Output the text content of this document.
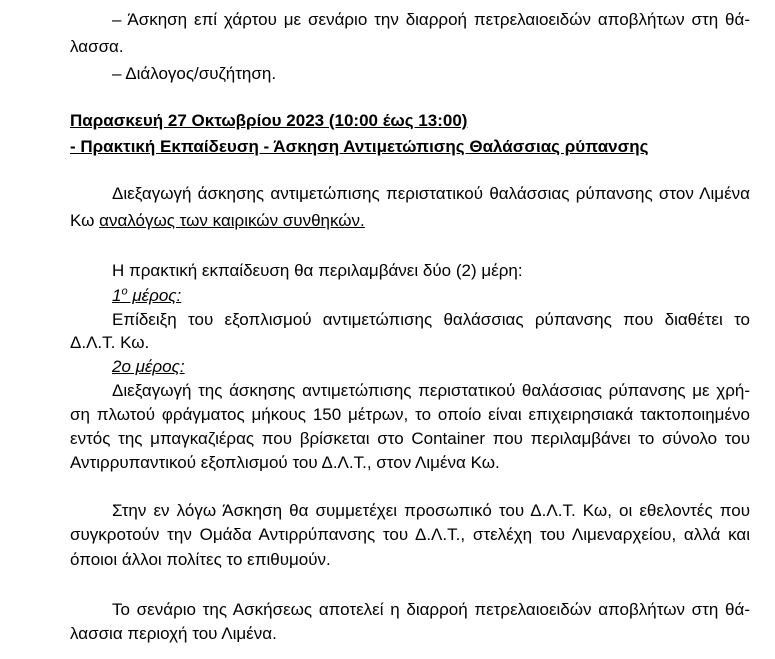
– Άσκηση επί χάρτου με σενάριο την διαρροή πετρελαιοειδών αποβλήτων στη θά-
λασσα.
– Διάλογος/συζήτηση.
Παρασκευή 27 Οκτωβρίου 2023 (10:00 έως 13:00)
- Πρακτική Εκπαίδευση - Άσκηση Αντιμετώπισης Θαλάσσιας ρύπανσης
Διεξαγωγή άσκησης αντιμετώπισης περιστατικού θαλάσσιας ρύπανσης στον Λιμένα
Κω αναλόγως των καιρικών συνθηκών.
Η πρακτική εκπαίδευση θα περιλαμβάνει δύο (2) μέρη:
$1^o$ μέρος:
Επίδειξη του εξοπλισμού αντιμετώπισης θαλάσσιας ρύπανσης που διαθέτει το
Δ.Λ.Τ. Κω.
2ο μέρος:
Διεξαγωγή της άσκησης αντιμετώπισης περιστατικού θαλάσσιας ρύπανσης με χρή-
ση πλωτού φράγματος μήκους 150 μέτρων, το οποίο είναι επιχειρησιακά τακτοποιημένο
εντός της μπαγκαζιέρας που βρίσκεται στο Container που περιλαμβάνει το σύνολο του
Αντιρρυπαντικού εξοπλισμού του Δ.Λ.Τ., στον Λιμένα Κω.
Στην εν λόγω Άσκηση θα συμμετέχει προσωπικό του Δ.Λ.Τ. Κω, οι εθελοντές που
συγκροτούν την Ομάδα Αντιρρύπανσης του Δ.Λ.Τ., στελέχη του Λιμεναρχείου, αλλά και
όποιοι άλλοι πολίτες το επιθυμούν.
Το σενάριο της Ασκήσεως αποτελεί η διαρροή πετρελαιοειδών αποβλήτων στη θά-
λασσια περιοχή του Λιμένα.
